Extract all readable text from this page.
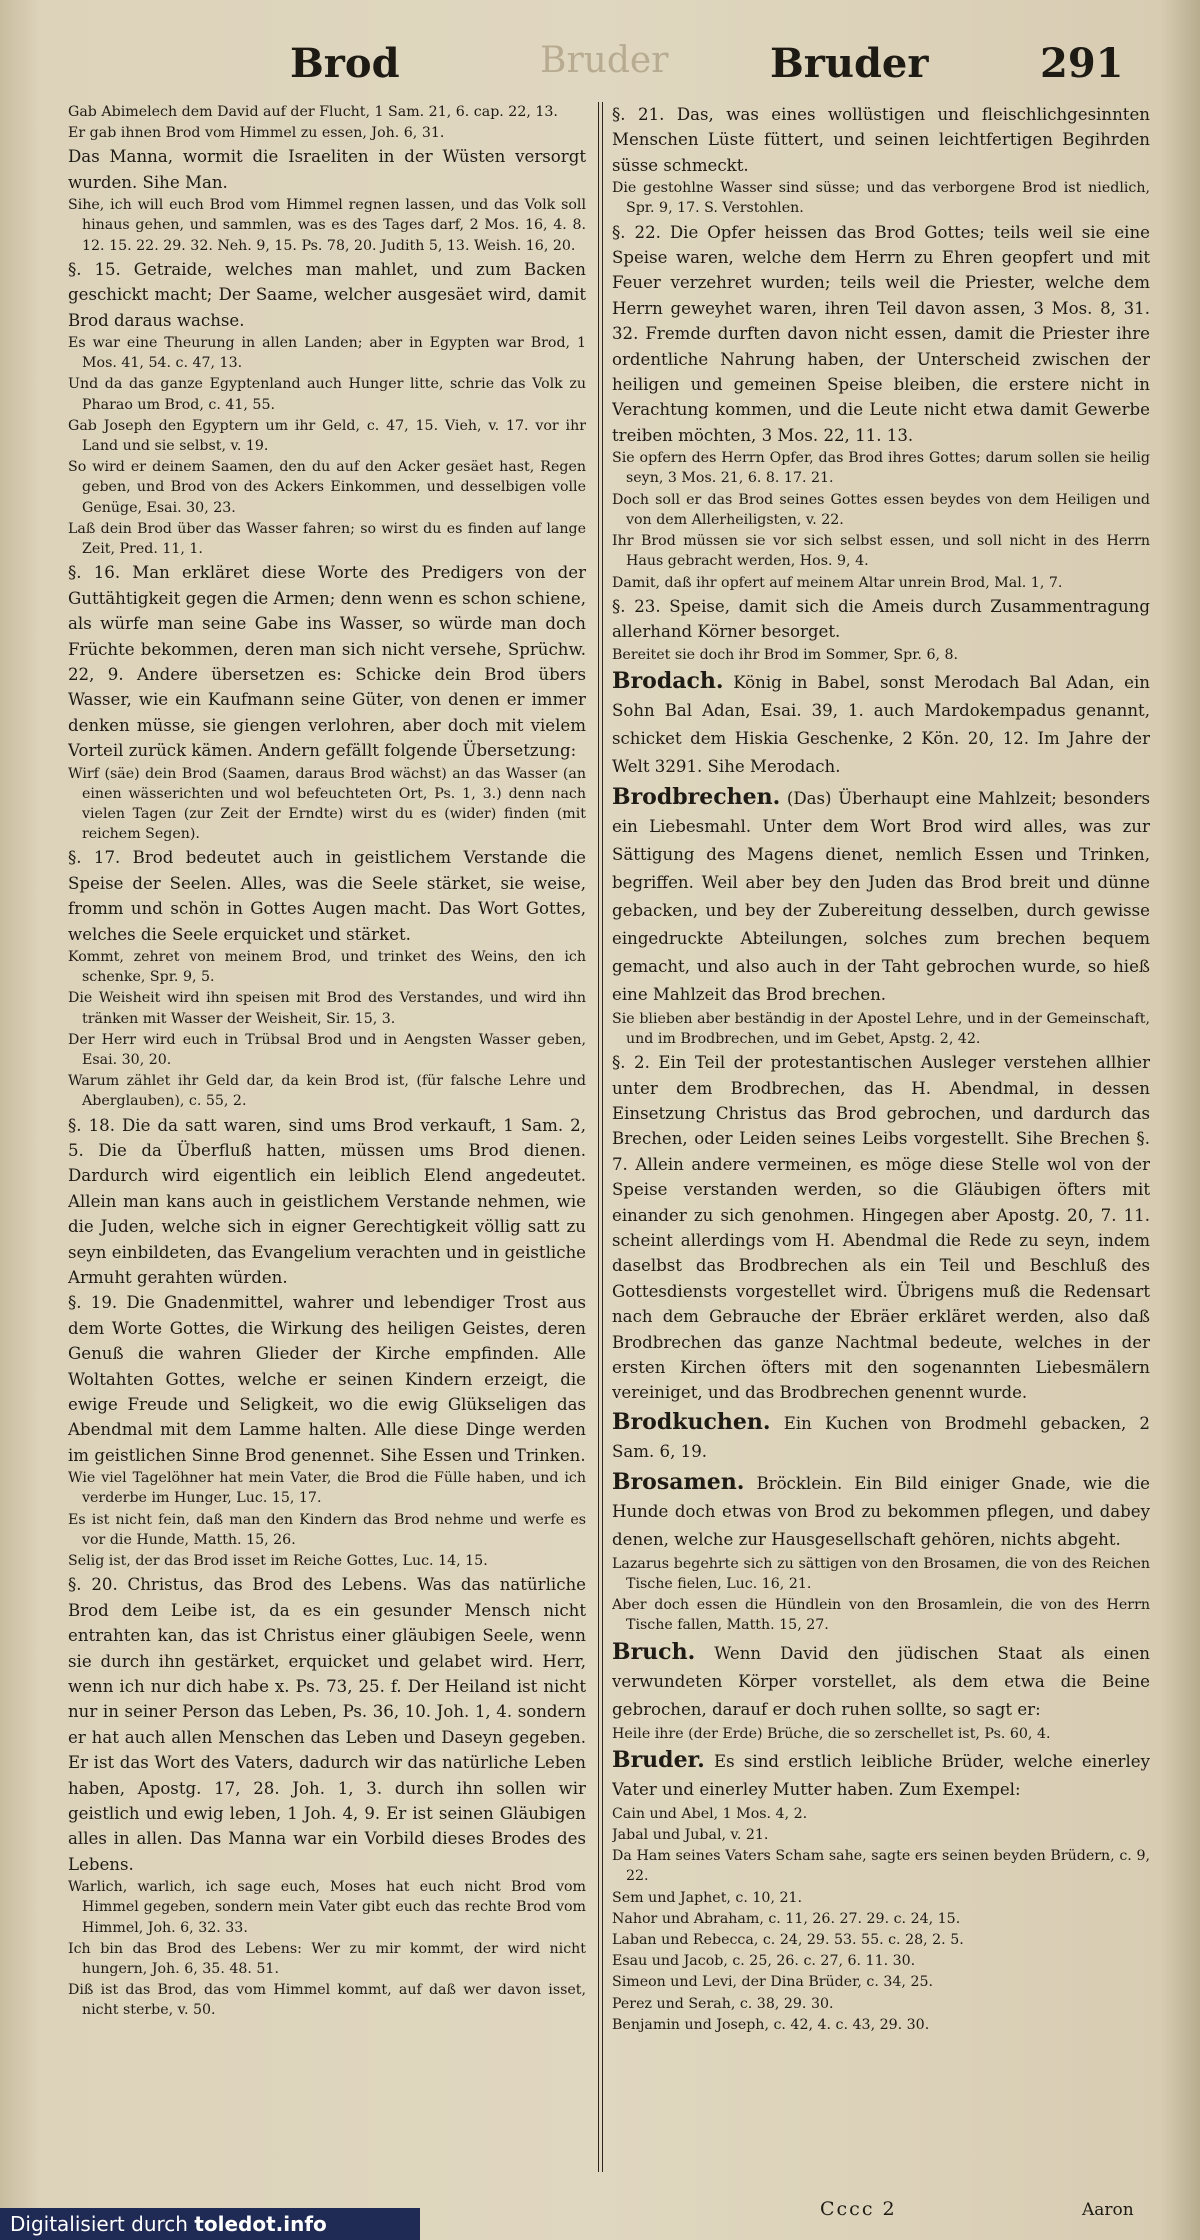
Brod	Bruder	Bruder	291

Gab Abimelech dem David auf der Flucht, 1 Sam. 21, 6. cap. 22, 13.

Er gab ihnen Brod vom Himmel zu essen, Joh. 6, 31.

Das Manna, wormit die Israeliten in der Wüsten versorgt wurden. Sihe Man.

Sihe, ich will euch Brod vom Himmel regnen lassen, und das Volk soll hinaus gehen, und sammlen, was es des Tages darf, 2 Mos. 16, 4. 8. 12. 15. 22. 29. 32. Neh. 9, 15. Ps. 78, 20. Judith 5, 13. Weish. 16, 20.

§. 15. Getraide, welches man mahlet, und zum Backen geschickt macht; Der Saame, welcher ausgesäet wird, damit Brod daraus wachse.

Es war eine Theurung in allen Landen; aber in Egypten war Brod, 1 Mos. 41, 54. c. 47, 13.

Und da das ganze Egyptenland auch Hunger litte, schrie das Volk zu Pharao um Brod, c. 41, 55.

Gab Joseph den Egyptern um ihr Geld, c. 47, 15. Vieh, v. 17. vor ihr Land und sie selbst, v. 19.

So wird er deinem Saamen, den du auf den Acker gesäet hast, Regen geben, und Brod von des Ackers Einkommen, und desselbigen volle Genüge, Esai. 30, 23.

Laß dein Brod über das Wasser fahren; so wirst du es finden auf lange Zeit, Pred. 11, 1.

§. 16. Man erkläret diese Worte des Predigers von der Guttähtigkeit gegen die Armen; denn wenn es schon schiene, als würfe man seine Gabe ins Wasser, so würde man doch Früchte bekommen, deren man sich nicht versehe, Sprüchw. 22, 9. Andere übersetzen es: Schicke dein Brod übers Wasser, wie ein Kaufmann seine Güter, von denen er immer denken müsse, sie giengen verlohren, aber doch mit vielem Vorteil zurück kämen. Andern gefällt folgende Übersetzung:

Wirf (säe) dein Brod (Saamen, daraus Brod wächst) an das Wasser (an einen wässerichten und wol befeuchteten Ort, Ps. 1, 3.) denn nach vielen Tagen (zur Zeit der Erndte) wirst du es (wider) finden (mit reichem Segen).

§. 17. Brod bedeutet auch in geistlichem Verstande die Speise der Seelen. Alles, was die Seele stärket, sie weise, fromm und schön in Gottes Augen macht. Das Wort Gottes, welches die Seele erquicket und stärket.

Kommt, zehret von meinem Brod, und trinket des Weins, den ich schenke, Spr. 9, 5.

Die Weisheit wird ihn speisen mit Brod des Verstandes, und wird ihn tränken mit Wasser der Weisheit, Sir. 15, 3.

Der Herr wird euch in Trübsal Brod und in Aengsten Wasser geben, Esai. 30, 20.

Warum zählet ihr Geld dar, da kein Brod ist, (für falsche Lehre und Aberglauben), c. 55, 2.

§. 18. Die da satt waren, sind ums Brod verkauft, 1 Sam. 2, 5. Die da Überfluß hatten, müssen ums Brod dienen. Dardurch wird eigentlich ein leiblich Elend angedeutet. Allein man kans auch in geistlichem Verstande nehmen, wie die Juden, welche sich in eigner Gerechtigkeit völlig satt zu seyn einbildeten, das Evangelium verachten und in geistliche Armuht gerahten würden.

§. 19. Die Gnadenmittel, wahrer und lebendiger Trost aus dem Worte Gottes, die Wirkung des heiligen Geistes, deren Genuß die wahren Glieder der Kirche empfinden. Alle Woltahten Gottes, welche er seinen Kindern erzeigt, die ewige Freude und Seligkeit, wo die ewig Glükseligen das Abendmal mit dem Lamme halten. Alle diese Dinge werden im geistlichen Sinne Brod genennet. Sihe Essen und Trinken.

Wie viel Tagelöhner hat mein Vater, die Brod die Fülle haben, und ich verderbe im Hunger, Luc. 15, 17.

Es ist nicht fein, daß man den Kindern das Brod nehme und werfe es vor die Hunde, Matth. 15, 26.

Selig ist, der das Brod isset im Reiche Gottes, Luc. 14, 15.

§. 20. Christus, das Brod des Lebens. Was das natürliche Brod dem Leibe ist, da es ein gesunder Mensch nicht entrahten kan, das ist Christus einer gläubigen Seele, wenn sie durch ihn gestärket, erquicket und gelabet wird. Herr, wenn ich nur dich habe x. Ps. 73, 25. f. Der Heiland ist nicht nur in seiner Person das Leben, Ps. 36, 10. Joh. 1, 4. sondern er hat auch allen Menschen das Leben und Daseyn gegeben. Er ist das Wort des Vaters, dadurch wir das natürliche Leben haben, Apostg. 17, 28. Joh. 1, 3. durch ihn sollen wir geistlich und ewig leben, 1 Joh. 4, 9. Er ist seinen Gläubigen alles in allen. Das Manna war ein Vorbild dieses Brodes des Lebens.

Warlich, warlich, ich sage euch, Moses hat euch nicht Brod vom Himmel gegeben, sondern mein Vater gibt euch das rechte Brod vom Himmel, Joh. 6, 32. 33.

Ich bin das Brod des Lebens: Wer zu mir kommt, der wird nicht hungern, Joh. 6, 35. 48. 51.

Diß ist das Brod, das vom Himmel kommt, auf daß wer davon isset, nicht sterbe, v. 50.

§. 21. Das, was eines wollüstigen und fleischlichgesinnten Menschen Lüste füttert, und seinen leichtfertigen Begihrden süsse schmeckt.

Die gestohlne Wasser sind süsse; und das verborgene Brod ist niedlich, Spr. 9, 17. S. Verstohlen.

§. 22. Die Opfer heissen das Brod Gottes; teils weil sie eine Speise waren, welche dem Herrn zu Ehren geopfert und mit Feuer verzehret wurden; teils weil die Priester, welche dem Herrn geweyhet waren, ihren Teil davon assen, 3 Mos. 8, 31. 32. Fremde durften davon nicht essen, damit die Priester ihre ordentliche Nahrung haben, der Unterscheid zwischen der heiligen und gemeinen Speise bleiben, die erstere nicht in Verachtung kommen, und die Leute nicht etwa damit Gewerbe treiben möchten, 3 Mos. 22, 11. 13.

Sie opfern des Herrn Opfer, das Brod ihres Gottes; darum sollen sie heilig seyn, 3 Mos. 21, 6. 8. 17. 21.

Doch soll er das Brod seines Gottes essen beydes von dem Heiligen und von dem Allerheiligsten, v. 22.

Ihr Brod müssen sie vor sich selbst essen, und soll nicht in des Herrn Haus gebracht werden, Hos. 9, 4.

Damit, daß ihr opfert auf meinem Altar unrein Brod, Mal. 1, 7.

§. 23. Speise, damit sich die Ameis durch Zusammentragung allerhand Körner besorget.

Bereitet sie doch ihr Brod im Sommer, Spr. 6, 8.

Brodach. König in Babel, sonst Merodach Bal Adan, ein Sohn Bal Adan, Esai. 39, 1. auch Mardokempadus genannt, schicket dem Hiskia Geschenke, 2 Kön. 20, 12. Im Jahre der Welt 3291. Sihe Merodach.

Brodbrechen. (Das) Überhaupt eine Mahlzeit; besonders ein Liebesmahl. Unter dem Wort Brod wird alles, was zur Sättigung des Magens dienet, nemlich Essen und Trinken, begriffen. Weil aber bey den Juden das Brod breit und dünne gebacken, und bey der Zubereitung desselben, durch gewisse eingedruckte Abteilungen, solches zum brechen bequem gemacht, und also auch in der Taht gebrochen wurde, so hieß eine Mahlzeit das Brod brechen.

Sie blieben aber beständig in der Apostel Lehre, und in der Gemeinschaft, und im Brodbrechen, und im Gebet, Apstg. 2, 42.

§. 2. Ein Teil der protestantischen Ausleger verstehen allhier unter dem Brodbrechen, das H. Abendmal, in dessen Einsetzung Christus das Brod gebrochen, und dardurch das Brechen, oder Leiden seines Leibs vorgestellt. Sihe Brechen §. 7. Allein andere vermeinen, es möge diese Stelle wol von der Speise verstanden werden, so die Gläubigen öfters mit einander zu sich genohmen. Hingegen aber Apostg. 20, 7. 11. scheint allerdings vom H. Abendmal die Rede zu seyn, indem daselbst das Brodbrechen als ein Teil und Beschluß des Gottesdiensts vorgestellet wird. Übrigens muß die Redensart nach dem Gebrauche der Ebräer erkläret werden, also daß Brodbrechen das ganze Nachtmal bedeute, welches in der ersten Kirchen öfters mit den sogenannten Liebesmälern vereiniget, und das Brodbrechen genennt wurde.

Brodkuchen. Ein Kuchen von Brodmehl gebacken, 2 Sam. 6, 19.

Brosamen. Bröcklein. Ein Bild einiger Gnade, wie die Hunde doch etwas von Brod zu bekommen pflegen, und dabey denen, welche zur Hausgesellschaft gehören, nichts abgeht.

Lazarus begehrte sich zu sättigen von den Brosamen, die von des Reichen Tische fielen, Luc. 16, 21.

Aber doch essen die Hündlein von den Brosamlein, die von des Herrn Tische fallen, Matth. 15, 27.

Bruch. Wenn David den jüdischen Staat als einen verwundeten Körper vorstellet, als dem etwa die Beine gebrochen, darauf er doch ruhen sollte, so sagt er:

Heile ihre (der Erde) Brüche, die so zerschellet ist, Ps. 60, 4.

Bruder. Es sind erstlich leibliche Brüder, welche einerley Vater und einerley Mutter haben. Zum Exempel:

Cain und Abel, 1 Mos. 4, 2.

Jabal und Jubal, v. 21.

Da Ham seines Vaters Scham sahe, sagte ers seinen beyden Brüdern, c. 9, 22.

Sem und Japhet, c. 10, 21.

Nahor und Abraham, c. 11, 26. 27. 29. c. 24, 15.

Laban und Rebecca, c. 24, 29. 53. 55. c. 28, 2. 5.

Esau und Jacob, c. 25, 26. c. 27, 6. 11. 30.

Simeon und Levi, der Dina Brüder, c. 34, 25.

Perez und Serah, c. 38, 29. 30.

Benjamin und Joseph, c. 42, 4. c. 43, 29. 30.

Cccc 2	Aaron
Digitalisiert durch toledot.info
